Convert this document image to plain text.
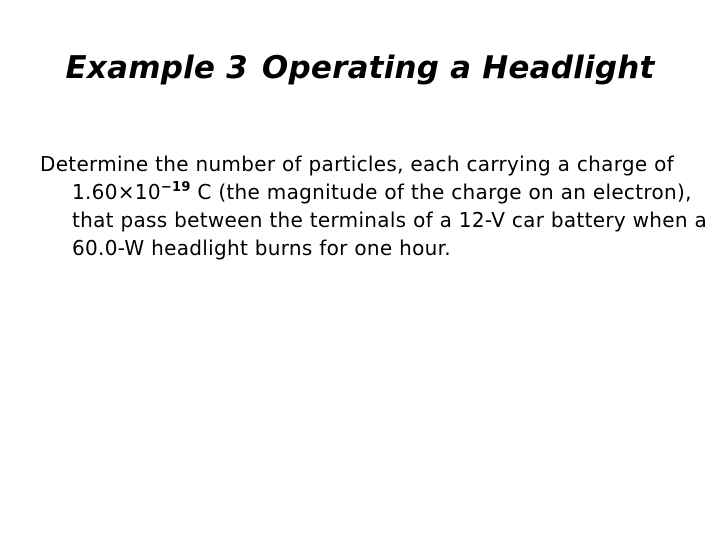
Example 3 Operating a Headlight
Determine the number of particles, each carrying a charge of $1.60\times 10^{-19}$ C (the magnitude of the charge on an electron), that pass between the terminals of a 12-V car battery when a 60.0-W headlight burns for one hour.
